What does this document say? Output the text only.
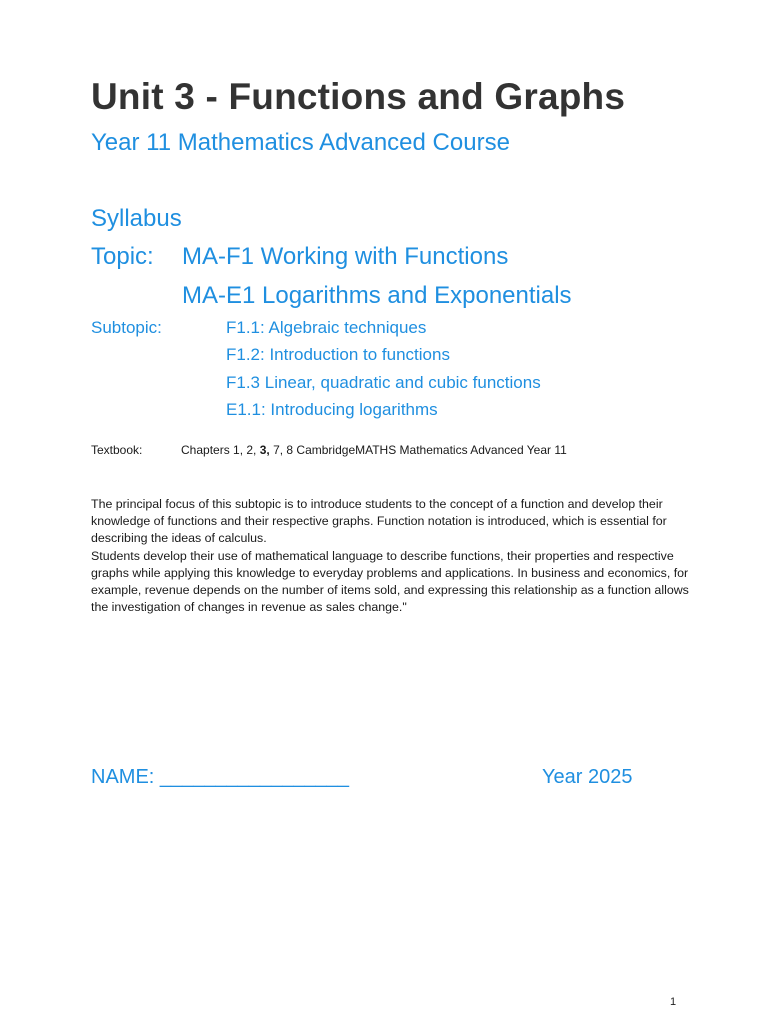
Unit 3 - Functions and Graphs
Year 11 Mathematics Advanced Course
Syllabus
Topic: MA-F1 Working with Functions
MA-E1 Logarithms and Exponentials
Subtopic:	F1.1: Algebraic techniques
F1.2: Introduction to functions
F1.3 Linear, quadratic and cubic functions
E1.1: Introducing logarithms
Textbook:	Chapters 1, 2, 3, 7, 8 CambridgeMATHS Mathematics Advanced Year 11

The principal focus of this subtopic is to introduce students to the concept of a function and develop their knowledge of functions and their respective graphs. Function notation is introduced, which is essential for describing the ideas of calculus.

Students develop their use of mathematical language to describe functions, their properties and respective graphs while applying this knowledge to everyday problems and applications. In business and economics, for example, revenue depends on the number of items sold, and expressing this relationship as a function allows the investigation of changes in revenue as sales change."

NAME: _________________	Year 2025
1
